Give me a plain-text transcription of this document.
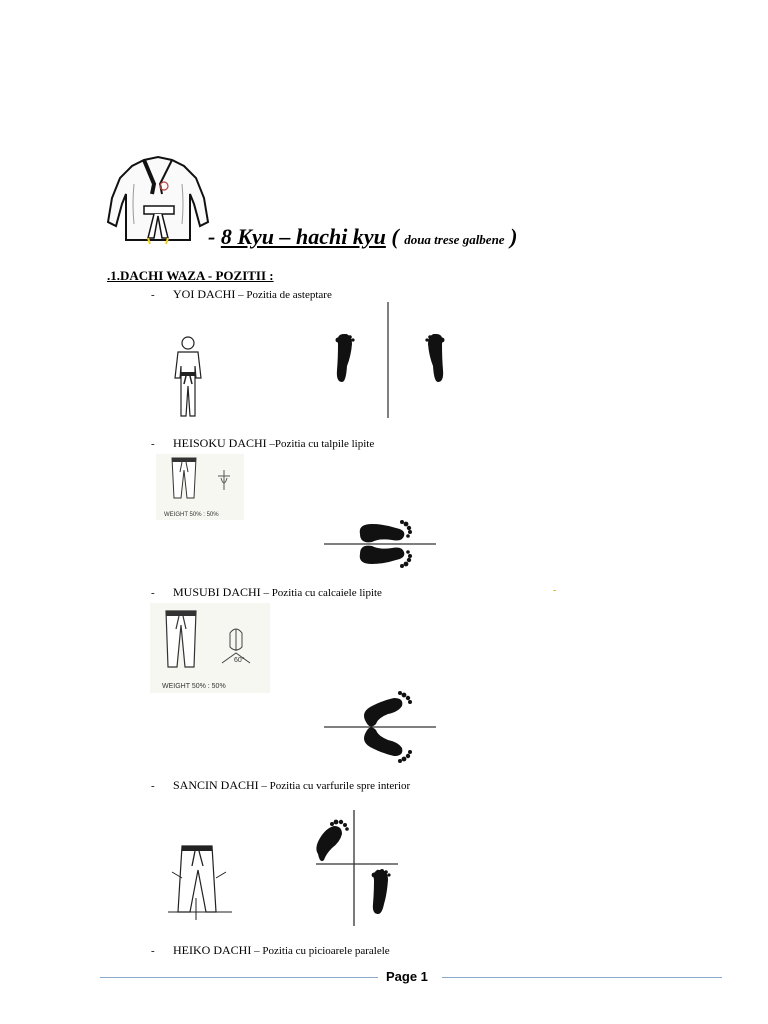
- 8 Kyu – hachi kyu ( doua trese galbene )
.1.DACHI WAZA - POZITII :
- YOI DACHI – Pozitia de asteptare
- HEISOKU DACHI –Pozitia cu talpile lipite
WEIGHT 50% : 50%
- MUSUBI DACHI – Pozitia cu calcaiele lipite	-
60°
WEIGHT 50% : 50%
- SANCIN DACHI – Pozitia cu varfurile spre interior
- HEIKO DACHI – Pozitia cu picioarele paralele
Page 1
